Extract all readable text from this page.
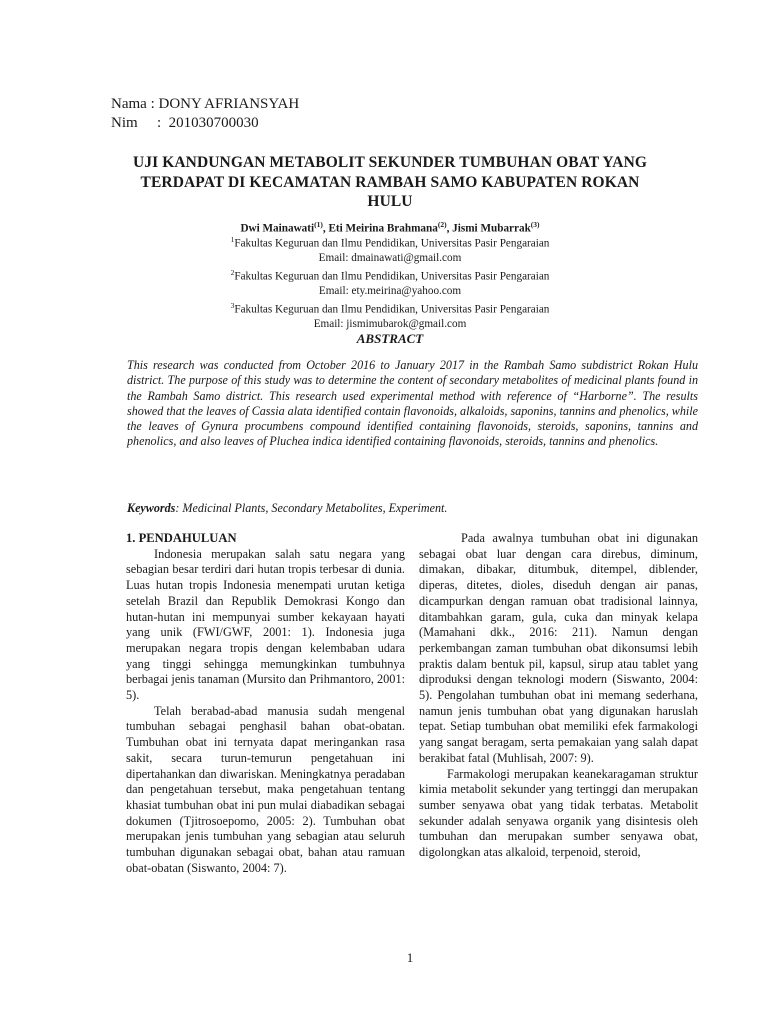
Nama :
DONY AFRIANSYAH
Nim	:  201030700030
UJI KANDUNGAN METABOLIT SEKUNDER TUMBUHAN OBAT YANG
TERDAPAT DI KECAMATAN RAMBAH SAMO KABUPATEN ROKAN
HULU
Dwi Mainawati$^{(1)}$, Eti Meirina Brahmana$^{(2)}$, Jismi Mubarrak$^{(3)}$
$^1$Fakultas Keguruan dan Ilmu Pendidikan, Universitas Pasir Pengaraian
Email: dmainawati@gmail.com
$^2$Fakultas Keguruan dan Ilmu Pendidikan, Universitas Pasir Pengaraian
Email: ety.meirina@yahoo.com
$^3$Fakultas Keguruan dan Ilmu Pendidikan, Universitas Pasir Pengaraian
Email: jismimubarok@gmail.com
ABSTRACT
This research was conducted from October 2016 to January 2017 in the Rambah Samo subdistrict Rokan Hulu district. The purpose of this study was to determine the content of secondary metabolites of medicinal plants found in the Rambah Samo district. This research used experimental method with reference of “Harborne”. The results showed that the leaves of Cassia alata identified contain flavonoids, alkaloids, saponins, tannins and phenolics, while the leaves of Gynura procumbens compound identified containing flavonoids, steroids, saponins, tannins and phenolics, and also leaves of Pluchea indica identified containing flavonoids, steroids, tannins and phenolics.
Keywords: Medicinal Plants, Secondary Metabolites, Experiment.
1. PENDAHULUAN

Indonesia merupakan salah satu negara yang sebagian besar terdiri dari hutan tropis terbesar di dunia. Luas hutan tropis Indonesia menempati urutan ketiga setelah Brazil dan Republik Demokrasi Kongo dan hutan-hutan ini mempunyai sumber kekayaan hayati yang unik (FWI/GWF, 2001: 1). Indonesia juga merupakan negara tropis dengan kelembaban udara yang tinggi sehingga memungkinkan tumbuhnya berbagai jenis tanaman (Mursito dan Prihmantoro, 2001: 5).

Telah berabad-abad manusia sudah mengenal tumbuhan sebagai penghasil bahan obat-obatan. Tumbuhan obat ini ternyata dapat meringankan rasa sakit, secara turun-temurun pengetahuan ini dipertahankan dan diwariskan. Meningkatnya peradaban dan pengetahuan tersebut, maka pengetahuan tentang khasiat tumbuhan obat ini pun mulai diabadikan sebagai dokumen (Tjitrosoepomo, 2005: 2). Tumbuhan obat merupakan jenis tumbuhan yang sebagian atau seluruh tumbuhan digunakan sebagai obat, bahan atau ramuan obat-obatan (Siswanto, 2004: 7).

Pada awalnya tumbuhan obat ini digunakan sebagai obat luar dengan cara direbus, diminum, dimakan, dibakar, ditumbuk, ditempel, diblender, diperas, ditetes, dioles, diseduh dengan air panas, dicampurkan dengan ramuan obat tradisional lainnya, ditambahkan garam, gula, cuka dan minyak kelapa (Mamahani dkk., 2016: 211). Namun dengan perkembangan zaman tumbuhan obat dikonsumsi lebih praktis dalam bentuk pil, kapsul, sirup atau tablet yang diproduksi dengan teknologi modern (Siswanto, 2004: 5). Pengolahan tumbuhan obat ini memang sederhana, namun jenis tumbuhan obat yang digunakan haruslah tepat. Setiap tumbuhan obat memiliki efek farmakologi yang sangat beragam, serta pemakaian yang salah dapat berakibat fatal (Muhlisah, 2007: 9).

Farmakologi merupakan keanekaragaman struktur kimia metabolit sekunder yang tertinggi dan merupakan sumber senyawa obat yang tidak terbatas. Metabolit sekunder adalah senyawa organik yang disintesis oleh tumbuhan dan merupakan sumber senyawa obat, digolongkan atas alkaloid, terpenoid, steroid,

1
